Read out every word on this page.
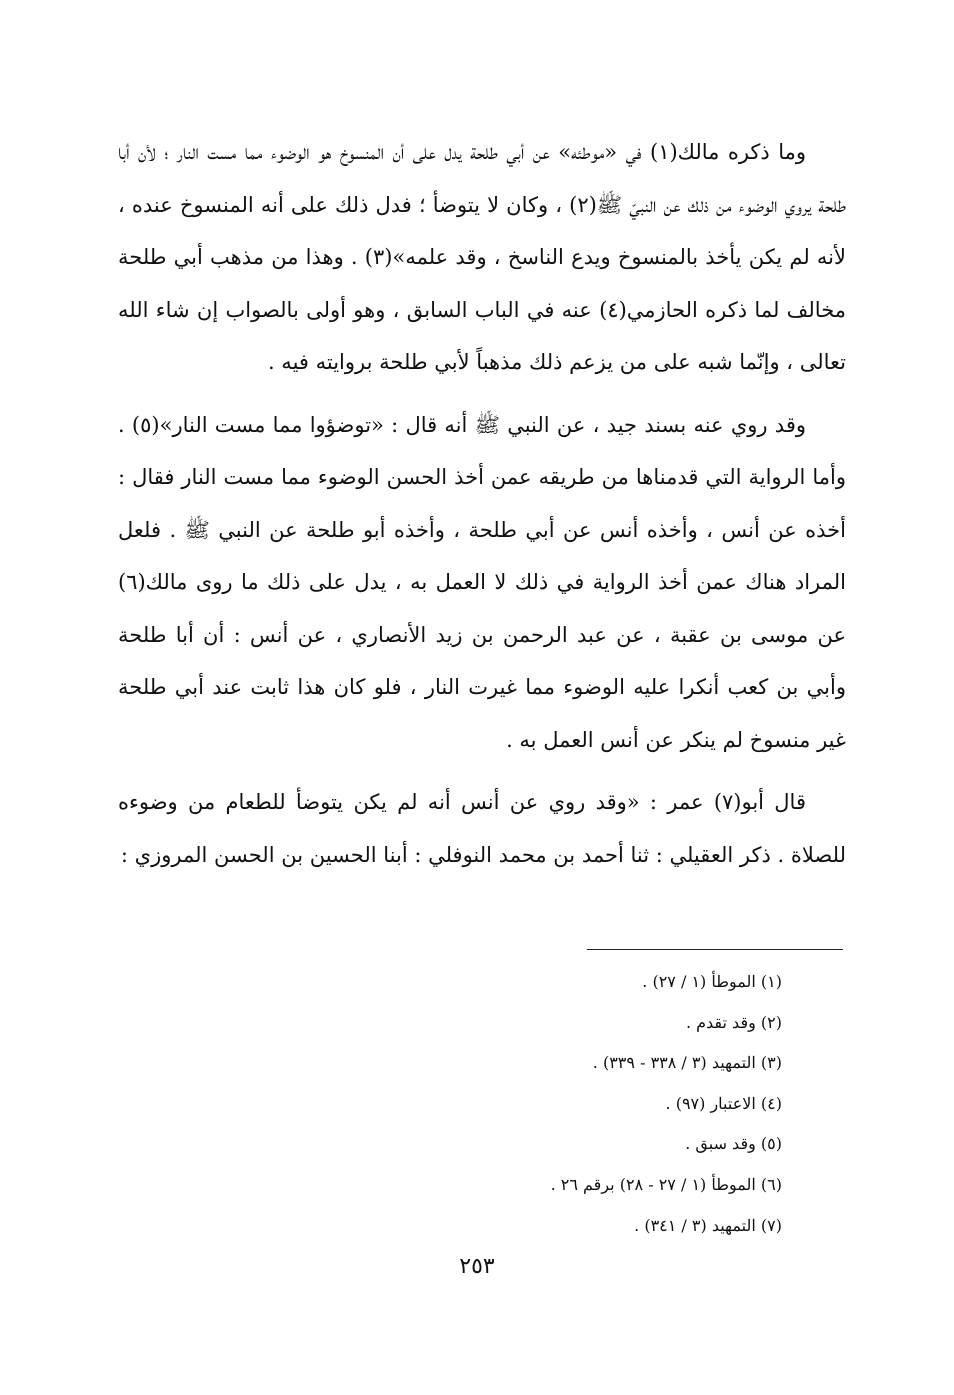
وما ذكره مالك(١) في «موطئه» عن أبي طلحة يدل على أن المنسوخ هو الوضوء مما مست النار ؛ لأن أبا طلحة يروي الوضوء من ذلك عن النبيّ ﷺ(٢) ، وكان لا يتوضأ ؛ فدل ذلك على أنه المنسوخ عنده ، لأنه لم يكن يأخذ بالمنسوخ ويدع الناسخ ، وقد علمه»(٣) . وهذا من مذهب أبي طلحة مخالف لما ذكره الحازمي(٤) عنه في الباب السابق ، وهو أولى بالصواب إن شاء الله تعالى ، وإنّما شبه على من يزعم ذلك مذهباً لأبي طلحة بروايته فيه .

وقد روي عنه بسند جيد ، عن النبي ﷺ أنه قال : «توضؤوا مما مست النار»(٥) . وأما الرواية التي قدمناها من طريقه عمن أخذ الحسن الوضوء مما مست النار فقال : أخذه عن أنس ، وأخذه أنس عن أبي طلحة ، وأخذه أبو طلحة عن النبي ﷺ . فلعل المراد هناك عمن أخذ الرواية في ذلك لا العمل به ، يدل على ذلك ما روى مالك(٦) عن موسى بن عقبة ، عن عبد الرحمن بن زيد الأنصاري ، عن أنس : أن أبا طلحة وأبي بن كعب أنكرا عليه الوضوء مما غيرت النار ، فلو كان هذا ثابت عند أبي طلحة غير منسوخ لم ينكر عن أنس العمل به .

قال أبو(٧) عمر : «وقد روي عن أنس أنه لم يكن يتوضأ للطعام من وضوءه للصلاة . ذكر العقيلي : ثنا أحمد بن محمد النوفلي : أبنا الحسين بن الحسن المروزي :

(١) الموطأ (١ / ٢٧) .
(٢) وقد تقدم .
(٣) التمهيد (٣ / ٣٣٨ - ٣٣٩) .
(٤) الاعتبار (٩٧) .
(٥) وقد سبق .
(٦) الموطأ (١ / ٢٧ - ٢٨) برقم ٢٦ .
(٧) التمهيد (٣ / ٣٤١) .
٢٥٣
